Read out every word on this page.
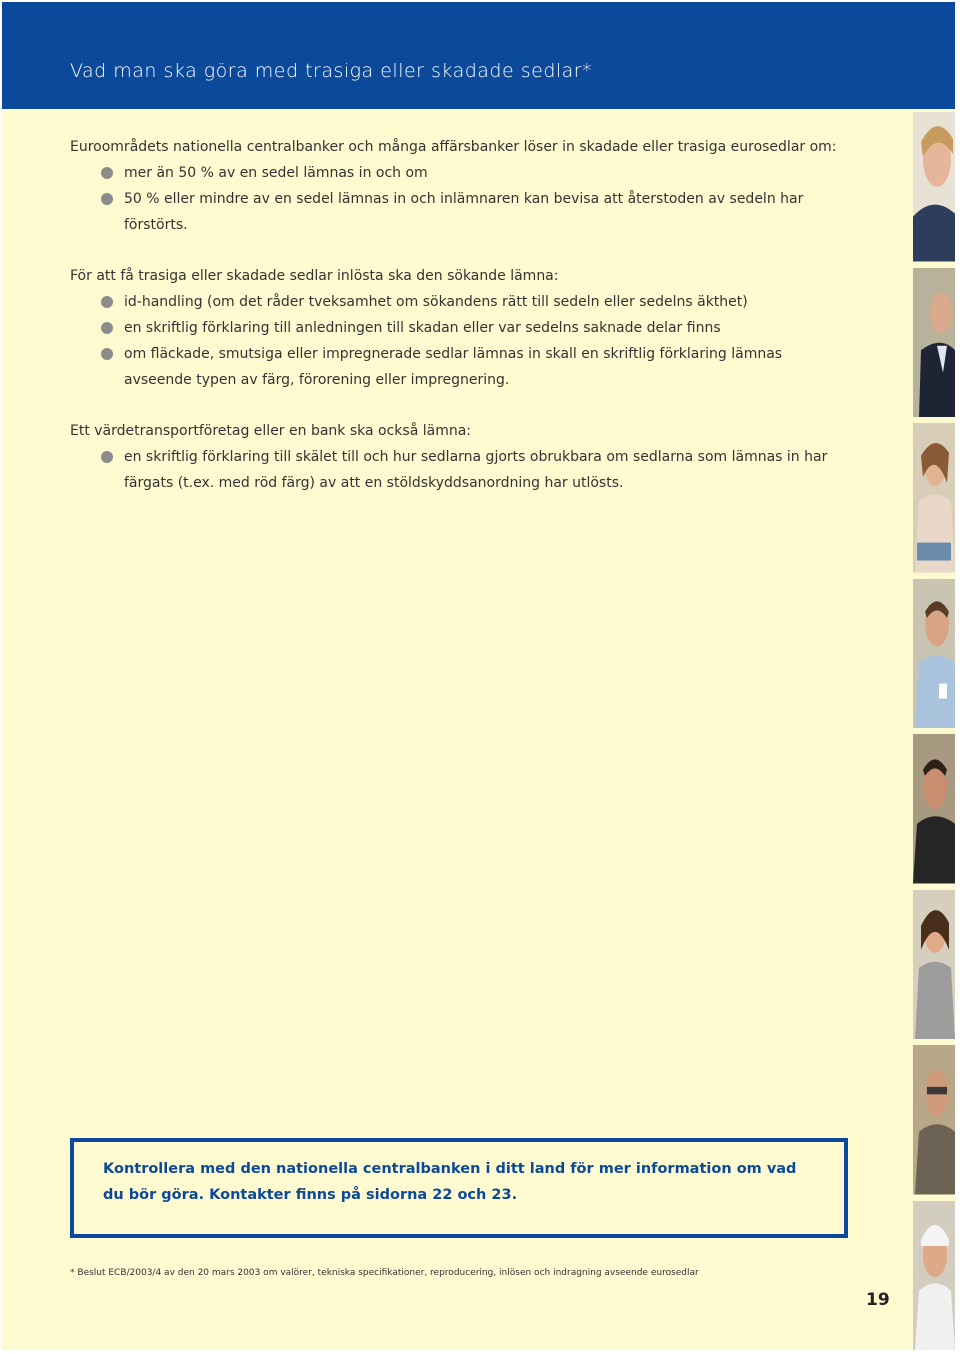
Vad man ska göra med trasiga eller skadade sedlar*

Euroområdets nationella centralbanker och många affärsbanker löser in skadade eller trasiga eurosedlar om:

mer än 50 % av en sedel lämnas in och om
50 % eller mindre av en sedel lämnas in och inlämnaren kan bevisa att återstoden av sedeln har förstörts.

För att få trasiga eller skadade sedlar inlösta ska den sökande lämna:

id-handling (om det råder tveksamhet om sökandens rätt till sedeln eller sedelns äkthet)
en skriftlig förklaring till anledningen till skadan eller var sedelns saknade delar finns
om fläckade, smutsiga eller impregnerade sedlar lämnas in skall en skriftlig förklaring lämnas avseende typen av färg, förorening eller impregnering.

Ett värdetransportföretag eller en bank ska också lämna:

en skriftlig förklaring till skälet till och hur sedlarna gjorts obrukbara om sedlarna som lämnas in har färgats (t.ex. med röd färg) av att en stöldskyddsanordning har utlösts.

Kontrollera med den nationella centralbanken i ditt land för mer information om vad du bör göra. Kontakter finns på sidorna 22 och 23.

* Beslut ECB/2003/4 av den 20 mars 2003 om valörer, tekniska specifikationer, reproducering, inlösen och indragning avseende eurosedlar
19
